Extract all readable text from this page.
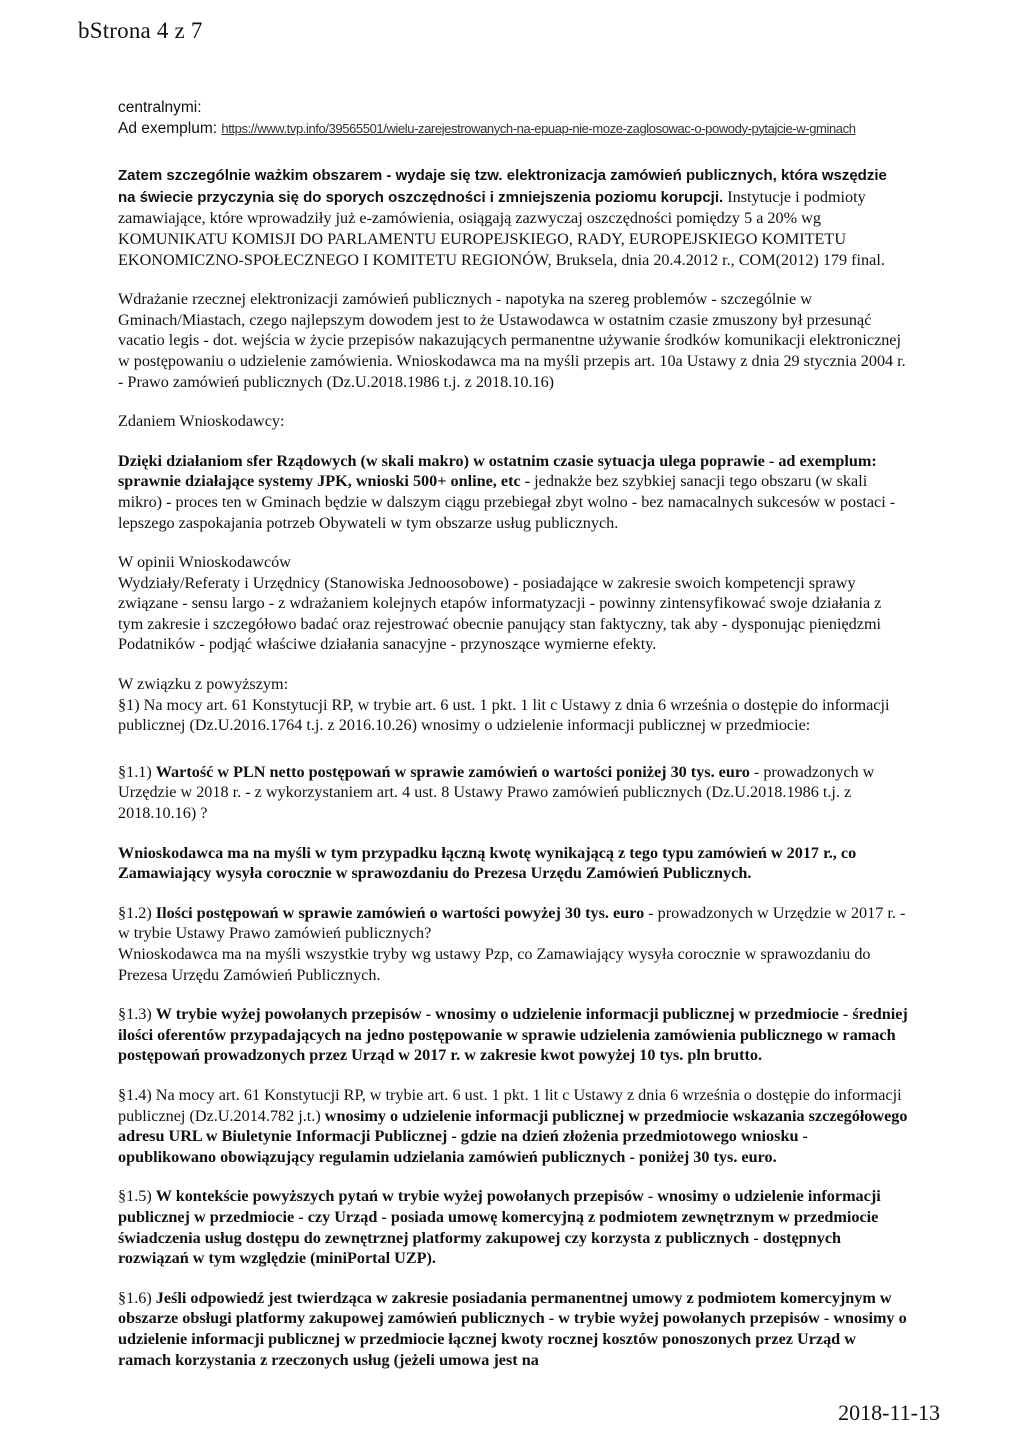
bStrona 4 z 7

centralnymi:
Ad exemplum: https://www.tvp.info/39565501/wielu-zarejestrowanych-na-epuap-nie-moze-zaglosowac-o-powody-pytajcie-w-gminach

Zatem szczególnie ważkim obszarem - wydaje się tzw. elektronizacja zamówień publicznych, która wszędzie na świecie przyczynia się do sporych oszczędności i zmniejszenia poziomu korupcji. Instytucje i podmioty zamawiające, które wprowadziły już e-zamówienia, osiągają zazwyczaj oszczędności pomiędzy 5 a 20% wg KOMUNIKATU KOMISJI DO PARLAMENTU EUROPEJSKIEGO, RADY, EUROPEJSKIEGO KOMITETU EKONOMICZNO-SPOŁECZNEGO I KOMITETU REGIONÓW, Bruksela, dnia 20.4.2012 r., COM(2012) 179 final.

Wdrażanie rzecznej elektronizacji zamówień publicznych - napotyka na szereg problemów - szczególnie w Gminach/Miastach, czego najlepszym dowodem jest to że Ustawodawca w ostatnim czasie zmuszony był przesunąć vacatio legis - dot. wejścia w życie przepisów nakazujących permanentne używanie środków komunikacji elektronicznej w postępowaniu o udzielenie zamówienia. Wnioskodawca ma na myśli przepis art. 10a Ustawy z dnia 29 stycznia 2004 r. - Prawo zamówień publicznych (Dz.U.2018.1986 t.j. z 2018.10.16)

Zdaniem Wnioskodawcy:

Dzięki działaniom sfer Rządowych (w skali makro) w ostatnim czasie sytuacja ulega poprawie - ad exemplum: sprawnie działające systemy JPK, wnioski 500+ online, etc - jednakże bez szybkiej sanacji tego obszaru (w skali mikro) - proces ten w Gminach będzie w dalszym ciągu przebiegał zbyt wolno - bez namacalnych sukcesów w postaci - lepszego zaspokajania potrzeb Obywateli w tym obszarze usług publicznych.

W opinii Wnioskodawców
Wydziały/Referaty i Urzędnicy (Stanowiska Jednoosobowe) - posiadające w zakresie swoich kompetencji sprawy związane - sensu largo - z wdrażaniem kolejnych etapów informatyzacji - powinny zintensyfikować swoje działania z tym zakresie i szczegółowo badać oraz rejestrować obecnie panujący stan faktyczny, tak aby - dysponując pieniędzmi Podatników - podjąć właściwe działania sanacyjne - przynoszące wymierne efekty.

W związku z powyższym:
§1) Na mocy art. 61 Konstytucji RP, w trybie art. 6 ust. 1 pkt. 1 lit c Ustawy z dnia 6 września o dostępie do informacji publicznej (Dz.U.2016.1764 t.j. z 2016.10.26) wnosimy o udzielenie informacji publicznej w przedmiocie:

§1.1) Wartość w PLN netto postępowań w sprawie zamówień o wartości poniżej 30 tys. euro - prowadzonych w Urzędzie w 2018 r. - z wykorzystaniem art. 4 ust. 8 Ustawy Prawo zamówień publicznych (Dz.U.2018.1986 t.j. z 2018.10.16) ?

Wnioskodawca ma na myśli w tym przypadku łączną kwotę wynikającą z tego typu zamówień w 2017 r., co Zamawiający wysyła corocznie w sprawozdaniu do Prezesa Urzędu Zamówień Publicznych.

§1.2) Ilości postępowań w sprawie zamówień o wartości powyżej 30 tys. euro - prowadzonych w Urzędzie w 2017 r. - w trybie Ustawy Prawo zamówień publicznych?
Wnioskodawca ma na myśli wszystkie tryby wg ustawy Pzp, co Zamawiający wysyła corocznie w sprawozdaniu do Prezesa Urzędu Zamówień Publicznych.

§1.3) W trybie wyżej powołanych przepisów - wnosimy o udzielenie informacji publicznej w przedmiocie - średniej ilości oferentów przypadających na jedno postępowanie w sprawie udzielenia zamówienia publicznego w ramach postępowań prowadzonych przez Urząd w 2017 r. w zakresie kwot powyżej 10 tys. pln brutto.

§1.4) Na mocy art. 61 Konstytucji RP, w trybie art. 6 ust. 1 pkt. 1 lit c Ustawy z dnia 6 września o dostępie do informacji publicznej (Dz.U.2014.782 j.t.) wnosimy o udzielenie informacji publicznej w przedmiocie wskazania szczegółowego adresu URL w Biuletynie Informacji Publicznej - gdzie na dzień złożenia przedmiotowego wniosku - opublikowano obowiązujący regulamin udzielania zamówień publicznych - poniżej 30 tys. euro.

§1.5) W kontekście powyższych pytań w trybie wyżej powołanych przepisów - wnosimy o udzielenie informacji publicznej w przedmiocie - czy Urząd - posiada umowę komercyjną z podmiotem zewnętrznym w przedmiocie świadczenia usług dostępu do zewnętrznej platformy zakupowej czy korzysta z publicznych - dostępnych rozwiązań w tym względzie (miniPortal UZP).

§1.6) Jeśli odpowiedź jest twierdząca w zakresie posiadania permanentnej umowy z podmiotem komercyjnym w obszarze obsługi platformy zakupowej zamówień publicznych - w trybie wyżej powołanych przepisów - wnosimy o udzielenie informacji publicznej w przedmiocie łącznej kwoty rocznej kosztów ponoszonych przez Urząd w ramach korzystania z rzeczonych usług (jeżeli umowa jest na

2018-11-13
